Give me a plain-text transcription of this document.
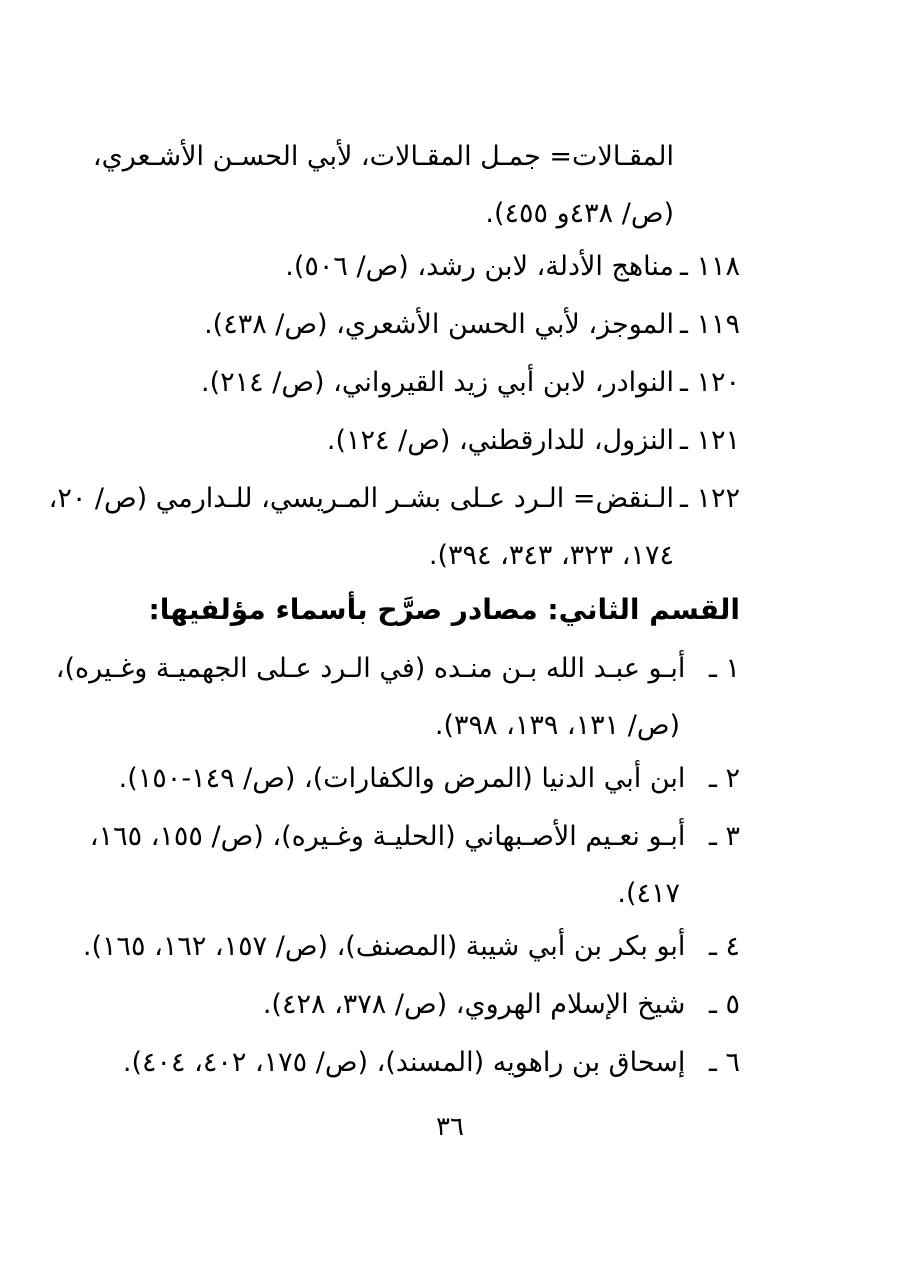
المقـالات= جمـل المقـالات، لأبي الحسـن الأشـعري،
(ص/ ٤٣٨و ٤٥٥).
١١٨ ـمناهج الأدلة، لابن رشد، (ص/ ٥٠٦).
١١٩ ـالموجز، لأبي الحسن الأشعري، (ص/ ٤٣٨).
١٢٠ ـالنوادر، لابن أبي زيد القيرواني، (ص/ ٢١٤).
١٢١ ـالنزول، للدارقطني، (ص/ ١٢٤).
١٢٢ ـالـنقض= الـرد عـلى بشـر المـريسي، للـدارمي (ص/ ٢٠،
١٧٤، ٣٢٣، ٣٤٣، ٣٩٤).
القسم الثاني: مصادر صرَّح بأسماء مؤلفيها:
١ ـ أبـو عبـد الله بـن منـده (في الـرد عـلى الجهميـة وغـيره)،
(ص/ ١٣١، ١٣٩، ٣٩٨).
٢ ـ ابن أبي الدنيا (المرض والكفارات)، (ص/ ١٤٩-١٥٠).
٣ ـ أبـو نعـيم الأصـبهاني (الحليـة وغـيره)، (ص/ ١٥٥، ١٦٥،
٤١٧).
٤ ـ أبو بكر بن أبي شيبة (المصنف)، (ص/ ١٥٧، ١٦٢، ١٦٥).
٥ ـ شيخ الإسلام الهروي، (ص/ ٣٧٨، ٤٢٨).
٦ ـ إسحاق بن راهويه (المسند)، (ص/ ١٧٥، ٤٠٢، ٤٠٤).
٣٦
